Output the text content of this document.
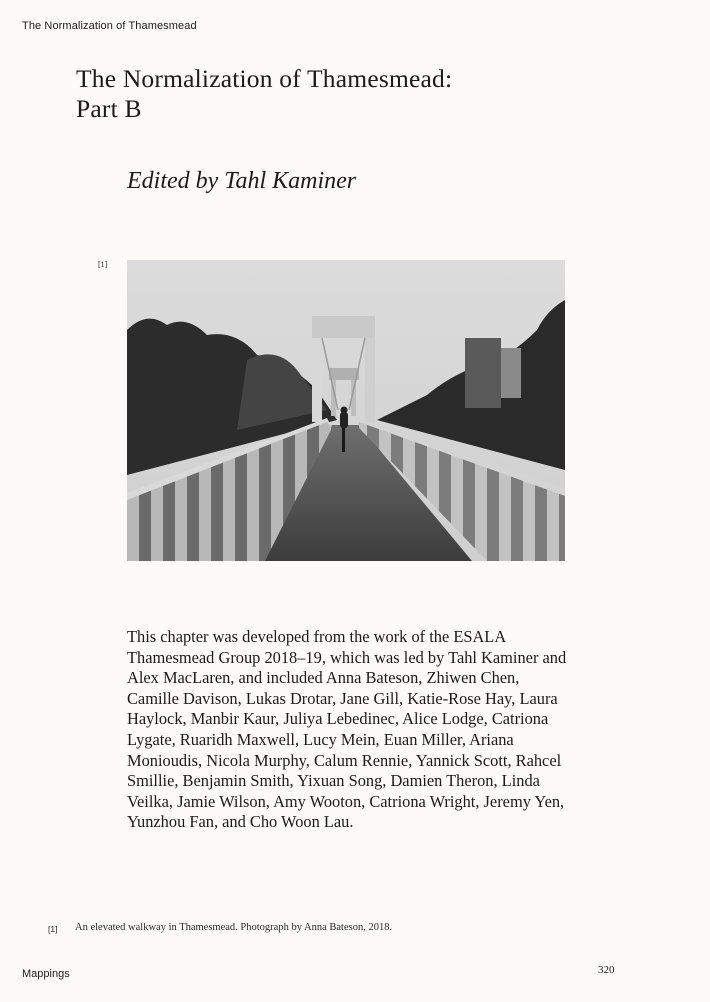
The Normalization of Thamesmead
The Normalization of Thamesmead:
Part B
Edited by Tahl Kaminer
[1]

This chapter was developed from the work of the ESALA Thamesmead Group 2018–19, which was led by Tahl Kaminer and Alex MacLaren, and included Anna Bateson, Zhiwen Chen, Camille Davison, Lukas Drotar, Jane Gill, Katie-Rose Hay, Laura Haylock, Manbir Kaur, Juliya Lebedinec, Alice Lodge, Catriona Lygate, Ruaridh Maxwell, Lucy Mein, Euan Miller, Ariana Monioudis, Nicola Murphy, Calum Rennie, Yannick Scott, Rahcel Smillie, Benjamin Smith, Yixuan Song, Damien Theron, Linda Veilka, Jamie Wilson, Amy Wooton, Catriona Wright, Jeremy Yen, Yunzhou Fan, and Cho Woon Lau.

[1] An elevated walkway in Thamesmead. Photograph by Anna Bateson, 2018.
Mappings	320
